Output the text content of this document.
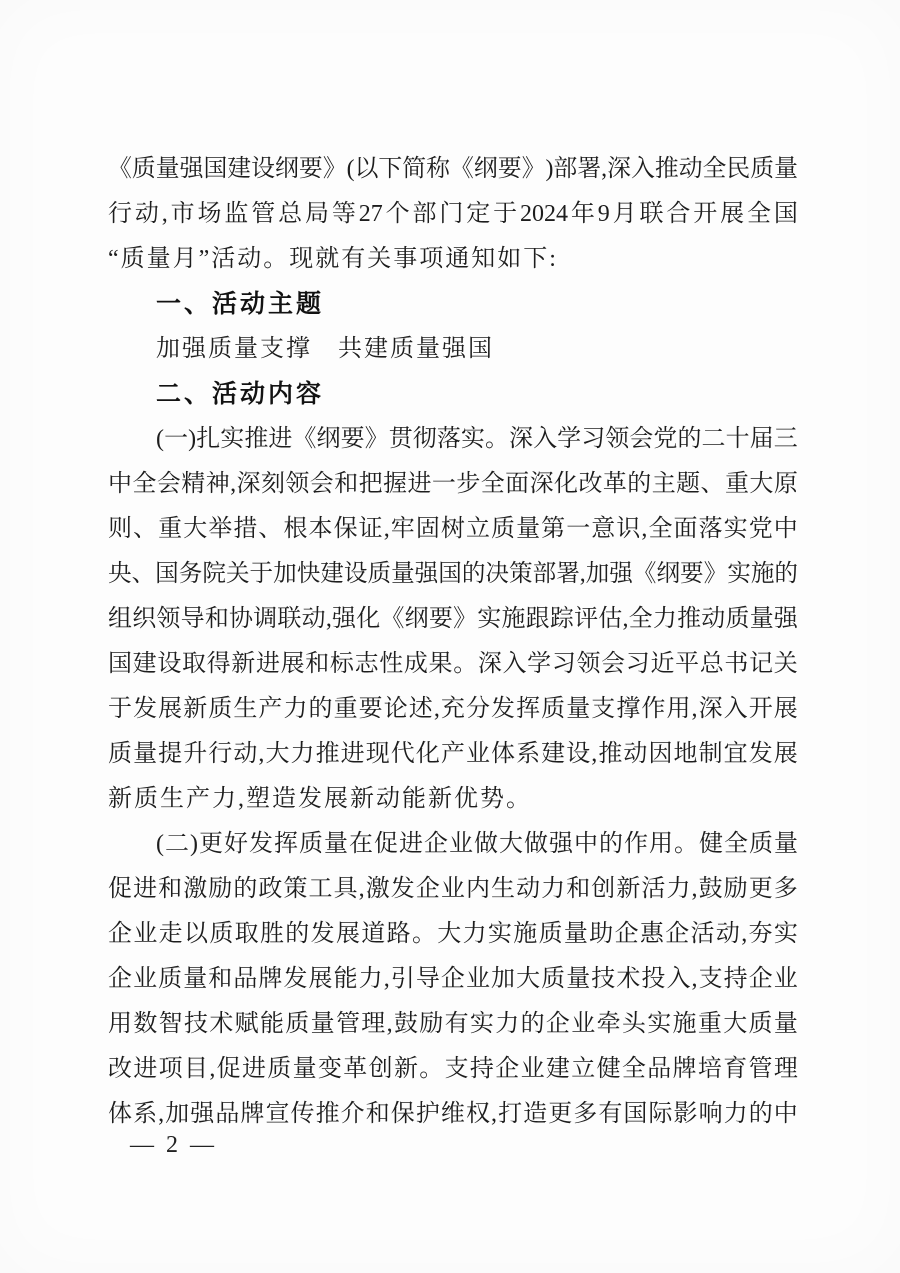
《 质 量 强 国 建 设 纲 要 》 ( 以 下 简 称 《 纲 要 》 ) 部 署 , 深 入 推 动 全 民 质 量
行 动 , 市 场 监 管 总 局 等 27 个 部 门 定 于 2024 年 9 月 联 合 开 展 全 国
“质量月”活动。现就有关事项通知如下:
一、活动主题
加强质量支撑　共建质量强国
二、活动内容
( 一 ) 扎 实 推 进 《 纲 要 》 贯 彻 落 实 。 深 入 学 习 领 会 党 的 二 十 届 三
中 全 会 精 神 , 深 刻 领 会 和 把 握 进 一 步 全 面 深 化 改 革 的 主 题 、 重 大 原
则 、 重 大 举 措 、 根 本 保 证 , 牢 固 树 立 质 量 第 一 意 识 , 全 面 落 实 党 中
央 、 国 务 院 关 于 加 快 建 设 质 量 强 国 的 决 策 部 署 , 加 强 《 纲 要 》 实 施 的
组 织 领 导 和 协 调 联 动 , 强 化 《 纲 要 》 实 施 跟 踪 评 估 , 全 力 推 动 质 量 强
国 建 设 取 得 新 进 展 和 标 志 性 成 果 。 深 入 学 习 领 会 习 近 平 总 书 记 关
于 发 展 新 质 生 产 力 的 重 要 论 述 , 充 分 发 挥 质 量 支 撑 作 用 , 深 入 开 展
质 量 提 升 行 动 , 大 力 推 进 现 代 化 产 业 体 系 建 设 , 推 动 因 地 制 宜 发 展
新质生产力,塑造发展新动能新优势。
( 二 ) 更 好 发 挥 质 量 在 促 进 企 业 做 大 做 强 中 的 作 用 。 健 全 质 量
促 进 和 激 励 的 政 策 工 具 , 激 发 企 业 内 生 动 力 和 创 新 活 力 , 鼓 励 更 多
企 业 走 以 质 取 胜 的 发 展 道 路 。 大 力 实 施 质 量 助 企 惠 企 活 动 , 夯 实
企 业 质 量 和 品 牌 发 展 能 力 , 引 导 企 业 加 大 质 量 技 术 投 入 , 支 持 企 业
用 数 智 技 术 赋 能 质 量 管 理 , 鼓 励 有 实 力 的 企 业 牵 头 实 施 重 大 质 量
改 进 项 目 , 促 进 质 量 变 革 创 新 。 支 持 企 业 建 立 健 全 品 牌 培 育 管 理
体 系 , 加 强 品 牌 宣 传 推 介 和 保 护 维 权 , 打 造 更 多 有 国 际 影 响 力 的 中
— 2 —
